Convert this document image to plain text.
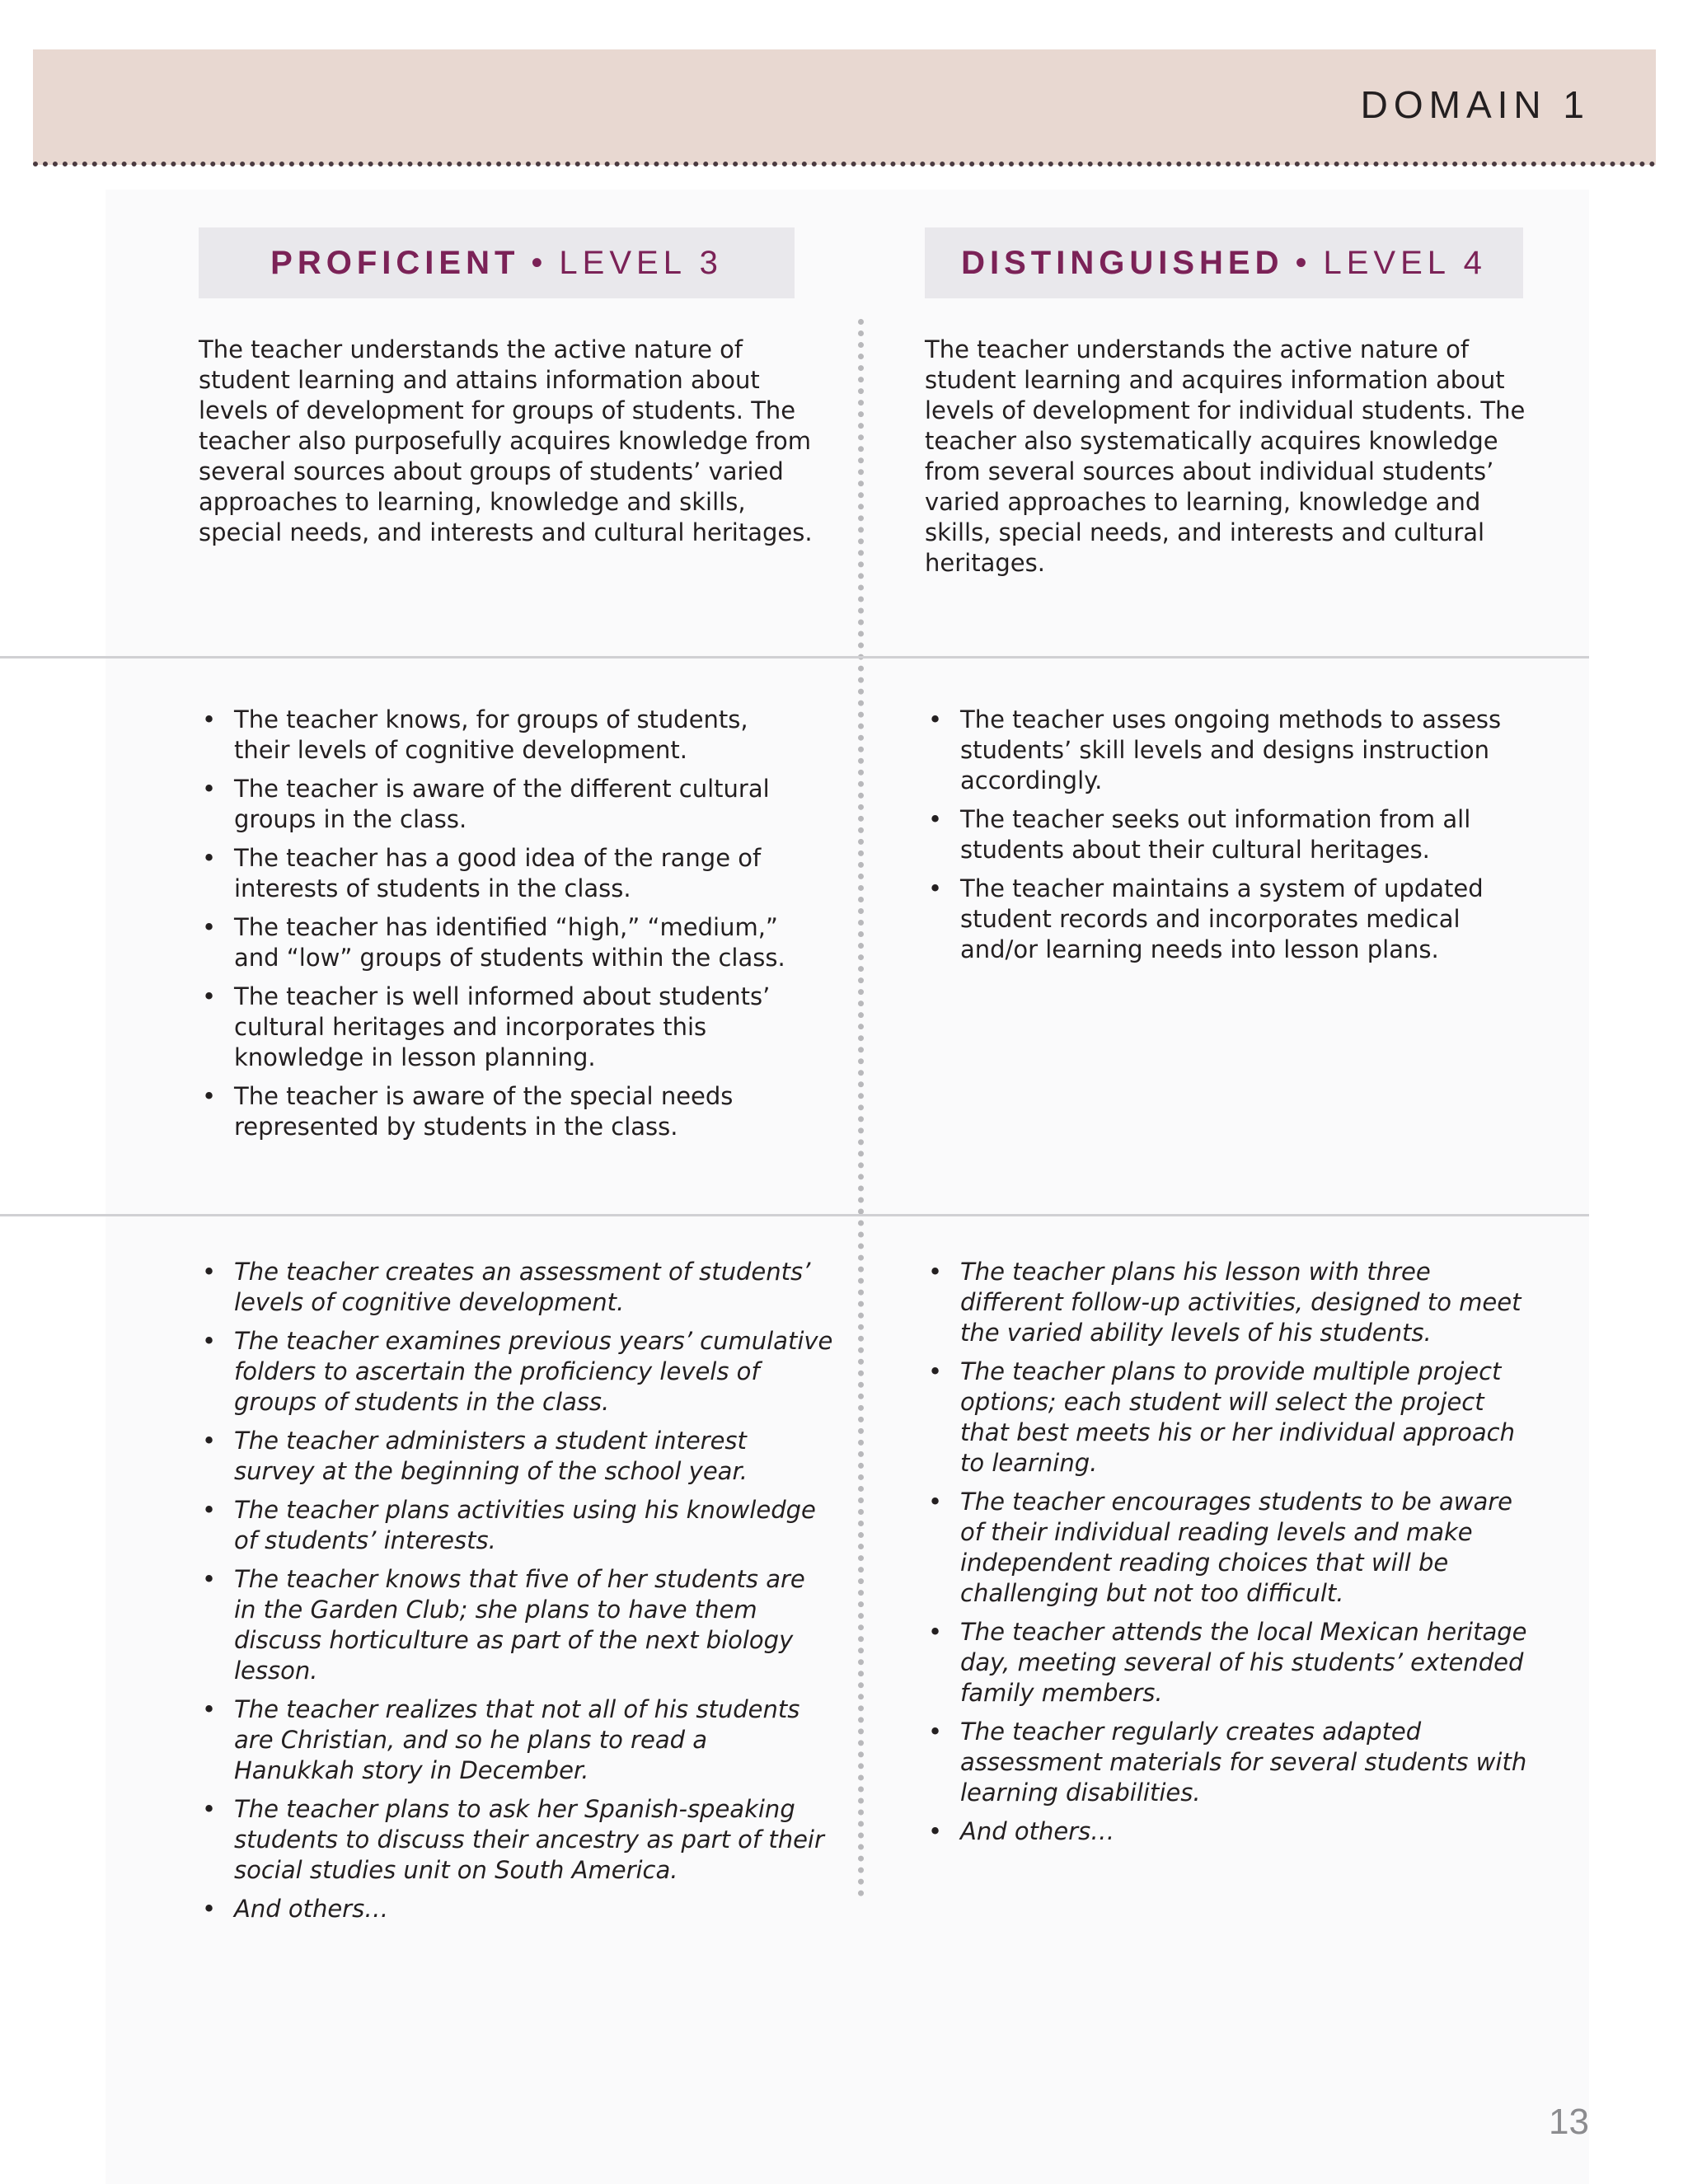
DOMAIN 1
PROFICIENT • LEVEL 3	DISTINGUISHED • LEVEL 4

The teacher understands the active nature of student learning and attains information about levels of development for groups of students. The teacher also purposefully acquires knowledge from several sources about groups of students’ varied approaches to learning, knowledge and skills, special needs, and interests and cultural heritages.

The teacher understands the active nature of student learning and acquires information about levels of development for individual students. The teacher also systematically acquires knowledge from several sources about individual students’ varied approaches to learning, knowledge and skills, special needs, and interests and cultural heritages.

• The teacher knows, for groups of students, their levels of cognitive development.
• The teacher is aware of the different cultural groups in the class.
• The teacher has a good idea of the range of interests of students in the class.
• The teacher has identified “high,” “medium,” and “low” groups of students within the class.
• The teacher is well informed about students’ cultural heritages and incorporates this knowledge in lesson planning.
• The teacher is aware of the special needs represented by students in the class.
• The teacher uses ongoing methods to assess students’ skill levels and designs instruction accordingly.
• The teacher seeks out information from all students about their cultural heritages.
• The teacher maintains a system of updated student records and incorporates medical and/or learning needs into lesson plans.
• The teacher creates an assessment of students’ levels of cognitive development.
• The teacher examines previous years’ cumulative folders to ascertain the proficiency levels of groups of students in the class.
• The teacher administers a student interest survey at the beginning of the school year.
• The teacher plans activities using his knowledge of students’ interests.
• The teacher knows that five of her students are in the Garden Club; she plans to have them discuss horticulture as part of the next biology lesson.
• The teacher realizes that not all of his students are Christian, and so he plans to read a Hanukkah story in December.
• The teacher plans to ask her Spanish-speaking students to discuss their ancestry as part of their social studies unit on South America.
• And others…
• The teacher plans his lesson with three different follow-up activities, designed to meet the varied ability levels of his students.
• The teacher plans to provide multiple project options; each student will select the project that best meets his or her individual approach to learning.
• The teacher encourages students to be aware of their individual reading levels and make independent reading choices that will be challenging but not too difficult.
• The teacher attends the local Mexican heritage day, meeting several of his students’ extended family members.
• The teacher regularly creates adapted assessment materials for several students with learning disabilities.
• And others…
13
